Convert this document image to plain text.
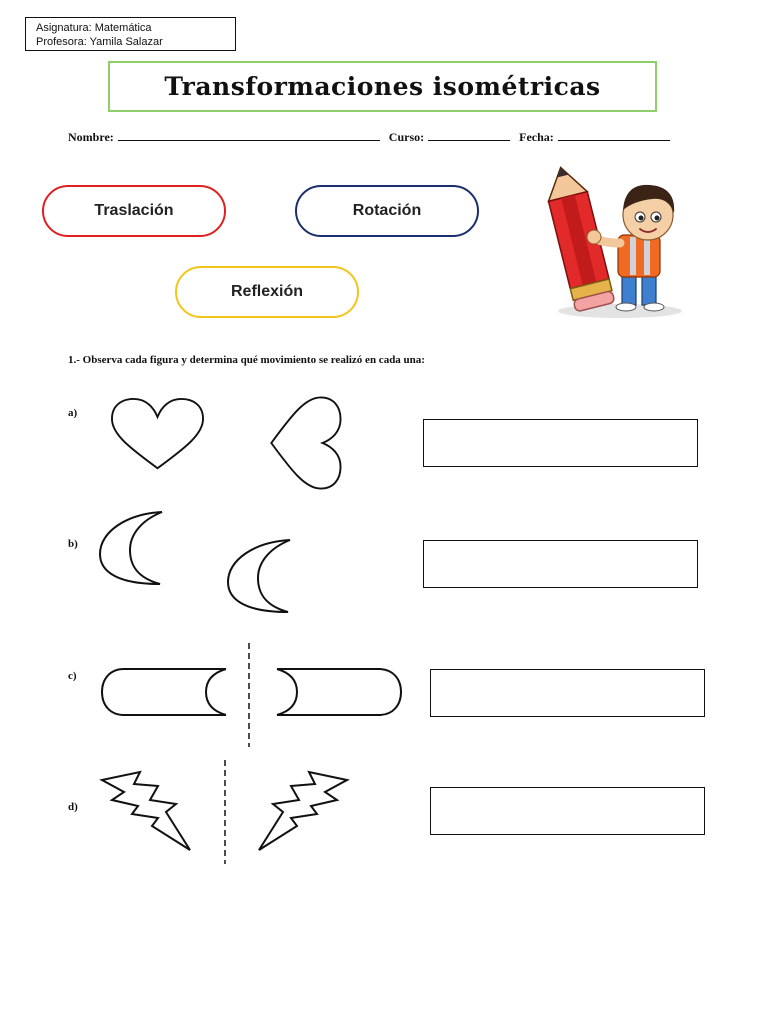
Asignatura: Matemática
Profesora: Yamila Salazar
Transformaciones isométricas
Nombre:	Curso:	Fecha:
Traslación	Rotación
Reflexión
1.- Observa cada figura y determina qué movimiento se realizó en cada una:
a)
b)
c)
d)
